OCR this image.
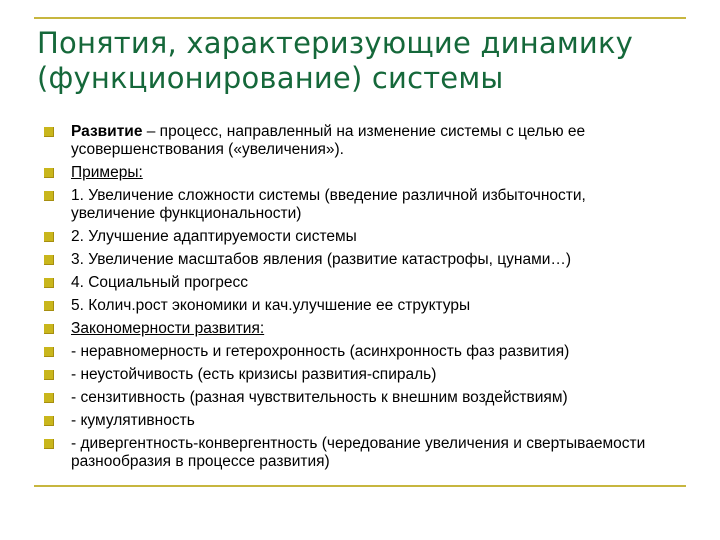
Понятия, характеризующие динамику (функционирование) системы
Развитие – процесс, направленный на изменение системы с целью ее усовершенствования («увеличения»).
Примеры:
1. Увеличение сложности системы (введение различной избыточности, увеличение функциональности)
2. Улучшение адаптируемости системы
3. Увеличение масштабов явления (развитие катастрофы, цунами…)
4. Социальный прогресс
5. Колич.рост экономики и кач.улучшение ее структуры
Закономерности развития:
- неравномерность и гетерохронность (асинхронность фаз развития)
- неустойчивость (есть кризисы развития-спираль)
- сензитивность (разная чувствительность к внешним воздействиям)
- кумулятивность
- дивергентность-конвергентность (чередование увеличения и свертываемости разнообразия в процессе развития)
